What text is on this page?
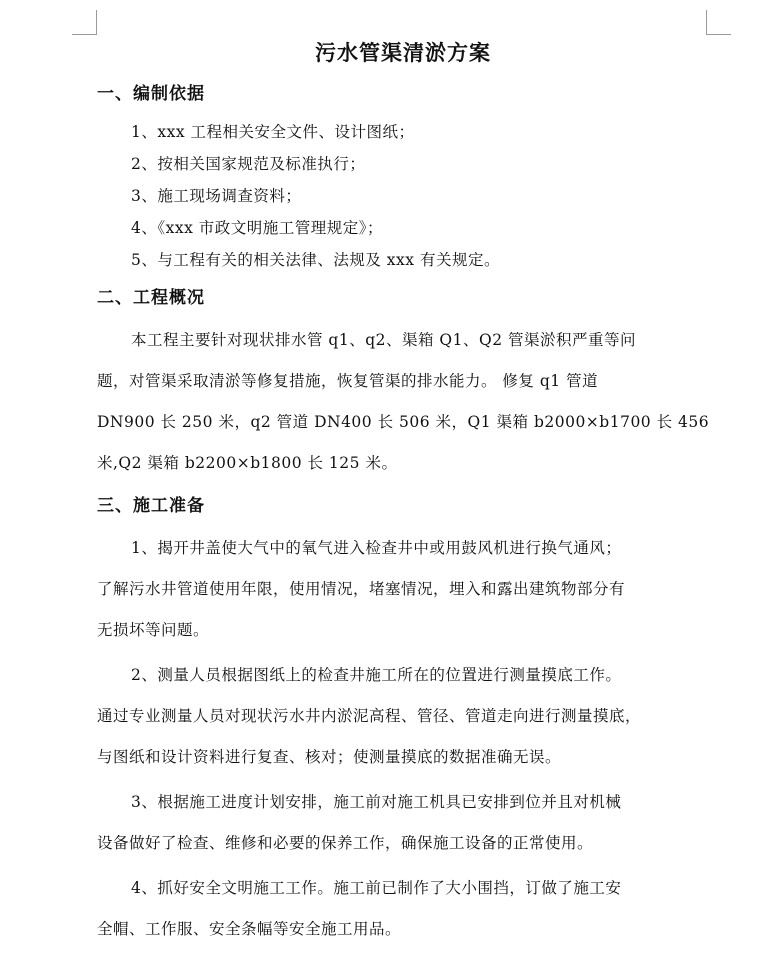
污水管渠清淤方案
一、编制依据

1、xxx 工程相关安全文件、设计图纸；

2、按相关国家规范及标准执行；

3、施工现场调查资料；

4、《xxx 市政文明施工管理规定》；

5、与工程有关的相关法律、法规及 xxx 有关规定。

二、工程概况

本工程主要针对现状排水管 q1、q2、渠箱 Q1、Q2 管渠淤积严重等问
题，对管渠采取清淤等修复措施，恢复管渠的排水能力。 修复 q1 管道
DN900 长 250 米，q2 管道 DN400 长 506 米，Q1 渠箱 b2000×b1700 长 456
米,Q2 渠箱 b2200×b1800 长 125 米。

三、施工准备

1、揭开井盖使大气中的氧气进入检查井中或用鼓风机进行换气通风；
了解污水井管道使用年限，使用情况，堵塞情况，埋入和露出建筑物部分有
无损坏等问题。

2、测量人员根据图纸上的检查井施工所在的位置进行测量摸底工作。
通过专业测量人员对现状污水井内淤泥高程、管径、管道走向进行测量摸底，
与图纸和设计资料进行复查、核对；使测量摸底的数据准确无误。

3、根据施工进度计划安排，施工前对施工机具已安排到位并且对机械
设备做好了检查、维修和必要的保养工作，确保施工设备的正常使用。

4、抓好安全文明施工工作。施工前已制作了大小围挡，订做了施工安
全帽、工作服、安全条幅等安全施工用品。
